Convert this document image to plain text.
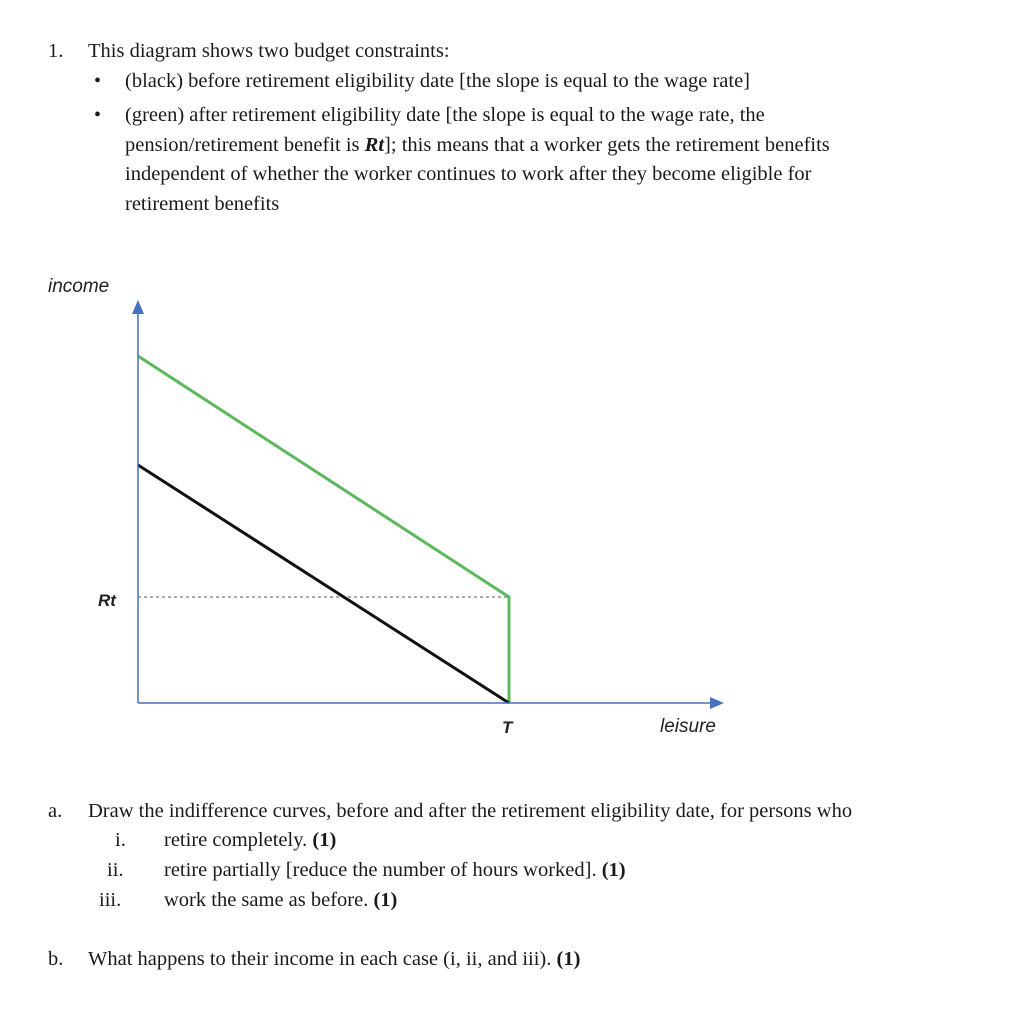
1. This diagram shows two budget constraints:
• (black) before retirement eligibility date [the slope is equal to the wage rate]
• (green) after retirement eligibility date [the slope is equal to the wage rate, the
pension/retirement benefit is Rt]; this means that a worker gets the retirement benefits
independent of whether the worker continues to work after they become eligible for
retirement benefits
income
Rt
T	leisure
a. Draw the indifference curves, before and after the retirement eligibility date, for persons who
i. retire completely. (1)
ii. retire partially [reduce the number of hours worked]. (1)
iii. work the same as before. (1)
b. What happens to their income in each case (i, ii, and iii). (1)
